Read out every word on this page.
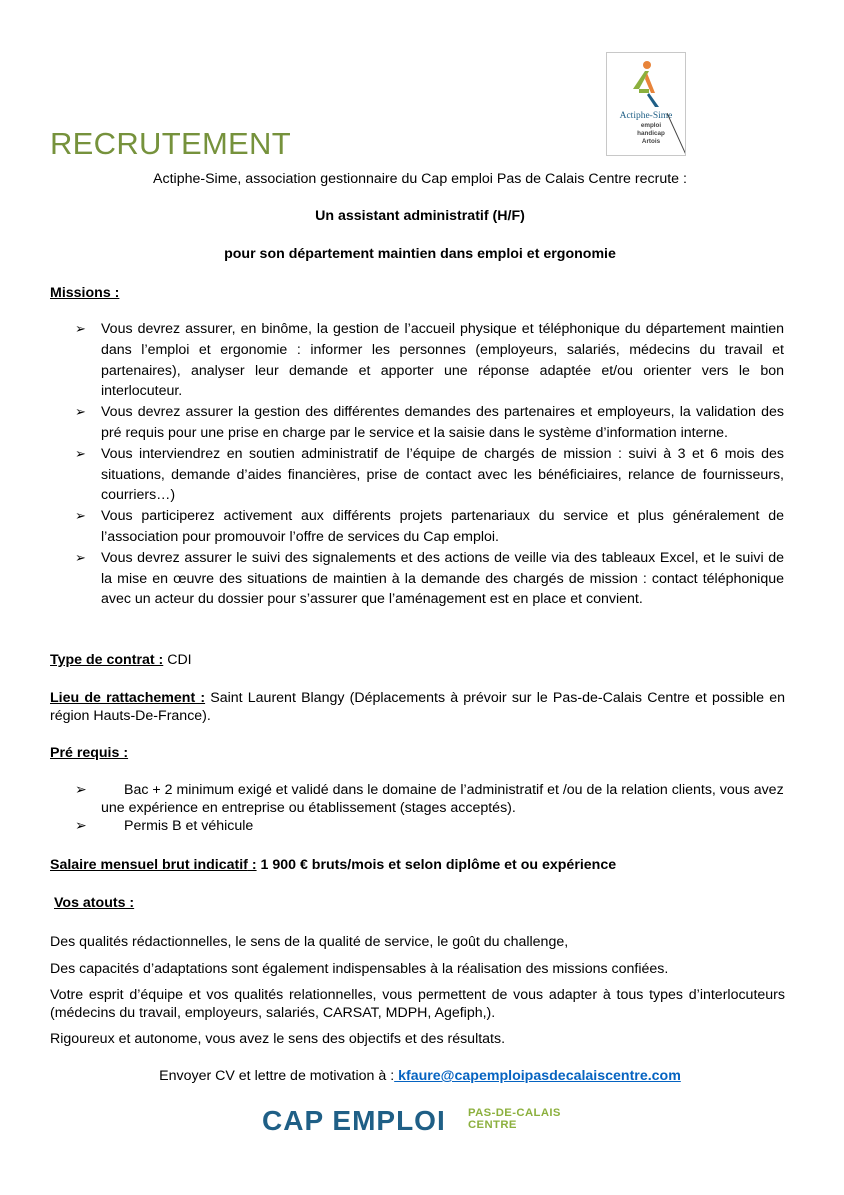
Actiphe-Sime
emploi
handicap
Artois
RECRUTEMENT
Actiphe-Sime, association gestionnaire du Cap emploi Pas de Calais Centre recrute :
Un assistant administratif (H/F)
pour son département maintien dans emploi et ergonomie
Missions :
➢ Vous devrez assurer, en binôme, la gestion de l’accueil physique et téléphonique du département maintien dans l’emploi et ergonomie : informer les personnes (employeurs, salariés, médecins du travail et partenaires), analyser leur demande et apporter une réponse adaptée et/ou orienter vers le bon interlocuteur.
➢ Vous devrez assurer la gestion des différentes demandes des partenaires et employeurs, la validation des pré requis pour une prise en charge par le service et la saisie dans le système d’information interne.
➢ Vous interviendrez en soutien administratif de l’équipe de chargés de mission : suivi à 3 et 6 mois des situations, demande d’aides financières, prise de contact avec les bénéficiaires, relance de fournisseurs, courriers…)
➢ Vous participerez activement aux différents projets partenariaux du service et plus généralement de l’association pour promouvoir l’offre de services du Cap emploi.
➢ Vous devrez assurer le suivi des signalements et des actions de veille via des tableaux Excel, et le suivi de la mise en œuvre des situations de maintien à la demande des chargés de mission : contact téléphonique avec un acteur du dossier pour s’assurer que l’aménagement est en place et convient.
Type de contrat : CDI
Lieu de rattachement : Saint Laurent Blangy (Déplacements à prévoir sur le Pas-de-Calais Centre et possible en région Hauts-De-France).
Pré requis :
➢	Bac + 2 minimum exigé et validé dans le domaine de l’administratif et /ou de la relation clients, vous avez une expérience en entreprise ou établissement (stages acceptés).
➢	Permis B et véhicule
Salaire mensuel brut indicatif : 1 900 € bruts/mois et selon diplôme et ou expérience
Vos atouts :
Des qualités rédactionnelles, le sens de la qualité de service, le goût du challenge,
Des capacités d’adaptations sont également indispensables à la réalisation des missions confiées.
Votre esprit d’équipe et vos qualités relationnelles, vous permettent de vous adapter à tous types d’interlocuteurs (médecins du travail, employeurs, salariés, CARSAT, MDPH, Agefiph,).
Rigoureux et autonome, vous avez le sens des objectifs et des résultats.
Envoyer CV et lettre de motivation à : kfaure@capemploipasdecalaiscentre.com
CAP EMPLOI PAS-DE-CALAIS
CENTRE
